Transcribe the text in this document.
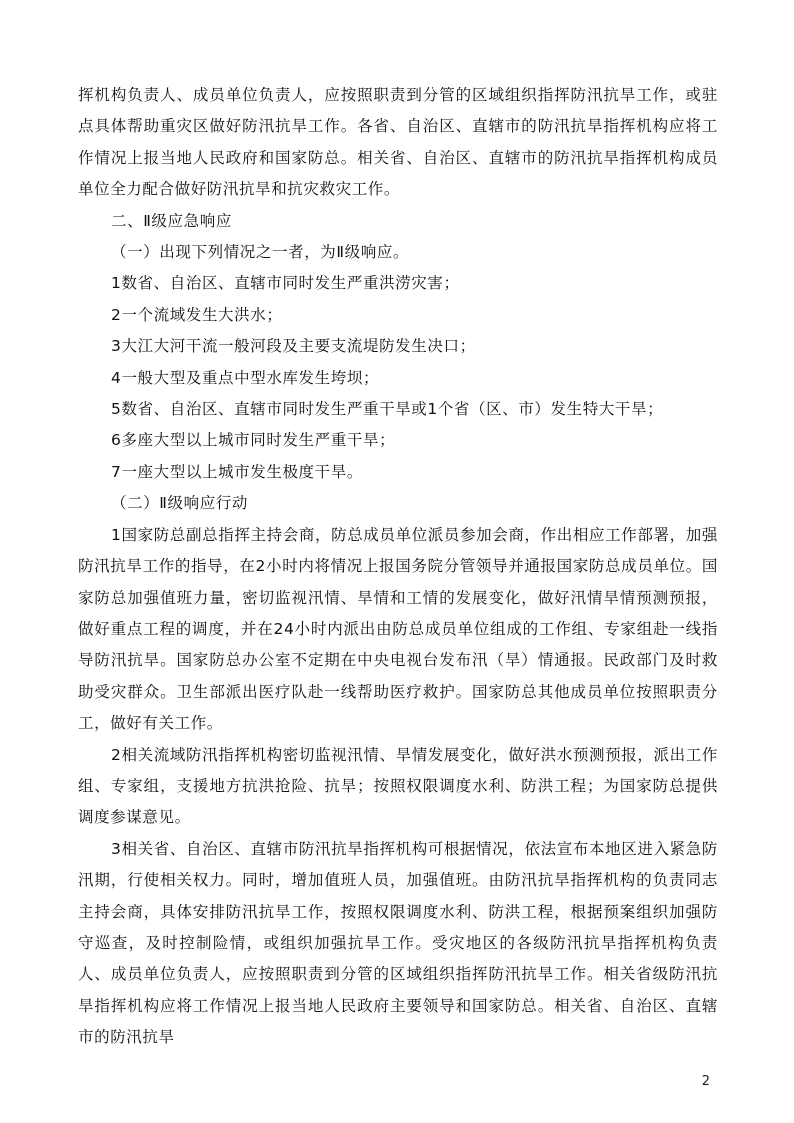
挥机构负责人、成员单位负责人，应按照职责到分管的区域组织指挥防汛抗旱工作，或驻点具体帮助重灾区做好防汛抗旱工作。各省、自治区、直辖市的防汛抗旱指挥机构应将工作情况上报当地人民政府和国家防总。相关省、自治区、直辖市的防汛抗旱指挥机构成员单位全力配合做好防汛抗旱和抗灾救灾工作。

二、Ⅱ级应急响应

（一）出现下列情况之一者，为Ⅱ级响应。

1数省、自治区、直辖市同时发生严重洪涝灾害；

2一个流域发生大洪水；

3大江大河干流一般河段及主要支流堤防发生决口；

4一般大型及重点中型水库发生垮坝；

5数省、自治区、直辖市同时发生严重干旱或1个省（区、市）发生特大干旱；

6多座大型以上城市同时发生严重干旱；

7一座大型以上城市发生极度干旱。

（二）Ⅱ级响应行动

1国家防总副总指挥主持会商，防总成员单位派员参加会商，作出相应工作部署，加强防汛抗旱工作的指导，在2小时内将情况上报国务院分管领导并通报国家防总成员单位。国家防总加强值班力量，密切监视汛情、旱情和工情的发展变化，做好汛情旱情预测预报，做好重点工程的调度，并在24小时内派出由防总成员单位组成的工作组、专家组赴一线指导防汛抗旱。国家防总办公室不定期在中央电视台发布汛（旱）情通报。民政部门及时救助受灾群众。卫生部派出医疗队赴一线帮助医疗救护。国家防总其他成员单位按照职责分工，做好有关工作。

2相关流域防汛指挥机构密切监视汛情、旱情发展变化，做好洪水预测预报，派出工作组、专家组，支援地方抗洪抢险、抗旱；按照权限调度水利、防洪工程；为国家防总提供调度参谋意见。

3相关省、自治区、直辖市防汛抗旱指挥机构可根据情况，依法宣布本地区进入紧急防汛期，行使相关权力。同时，增加值班人员，加强值班。由防汛抗旱指挥机构的负责同志主持会商，具体安排防汛抗旱工作，按照权限调度水利、防洪工程，根据预案组织加强防守巡查，及时控制险情，或组织加强抗旱工作。受灾地区的各级防汛抗旱指挥机构负责人、成员单位负责人，应按照职责到分管的区域组织指挥防汛抗旱工作。相关省级防汛抗旱指挥机构应将工作情况上报当地人民政府主要领导和国家防总。相关省、自治区、直辖市的防汛抗旱

2
